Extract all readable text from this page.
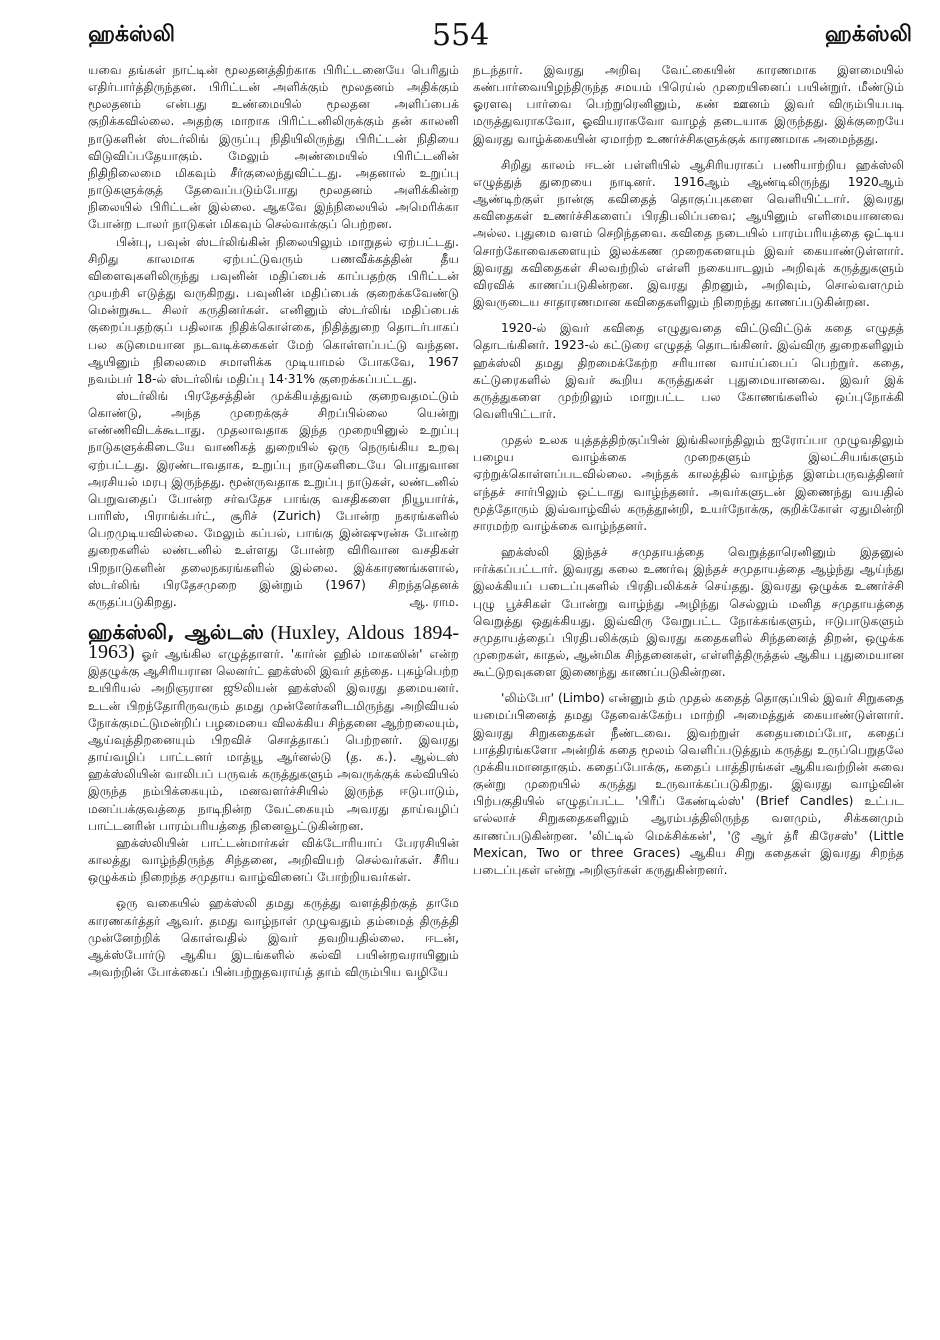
ஹக்ஸ்லி	554	ஹக்ஸ்லி

யவை தங்கள் நாட்டின் மூலதனத்திற்காக பிரிட்டனையே பெரிதும் எதிர்பார்த்திருந்தன. பிரிட்டன் அளிக்கும் மூலதனம் அதிக்கும் மூலதனம் என்பது உண்மையில் மூலதன அளிப்பைக் குறிக்கவில்லை. அதற்கு மாறாக பிரிட்டனிலிருக்கும் தன் காலனி நாடுகளின் ஸ்டர்லிங் இருப்பு நிதியிலிருந்து பிரிட்டன் நிதியை விடுவிப்பதேயாகும். மேலும் அண்மையில் பிரிட்டனின் நிதிநிலைமை மிகவும் சீர்குலைந்துவிட்டது. அதனால் உறுப்பு நாடுகளுக்குத் தேவைப்படும்போது மூலதனம் அளிக்கின்ற நிலையில் பிரிட்டன் இல்லை. ஆகவே இந்நிலையில் அமெரிக்கா போன்ற டாலர் நாடுகள் மிகவும் செல்வாக்குப் பெற்றன.

பின்பு, பவுன் ஸ்டர்லிங்கின் நிலையிலும் மாறுதல் ஏற்பட்டது. சிறிது காலமாக ஏற்பட்டுவரும் பணவீக்கத்தின் தீய விளைவுகளிலிருந்து பவுனின் மதிப்பைக் காப்பதற்கு பிரிட்டன் முயற்சி எடுத்து வருகிறது. பவுனின் மதிப்பைக் குறைக்கவேண்டு மென்றுகூட சிலர் கருதினர்கள். எனினும் ஸ்டர்லிங் மதிப்பைக் குறைப்பதற்குப் பதிலாக நிதிக்கொள்கை, நிதித்துறை தொடர்பாகப் பல கடுமையான நடவடிக்கைகள் மேற் கொள்ளப்பட்டு வந்தன. ஆயினும் நிலைமை சமாளிக்க முடியாமல் போகவே, 1967 நவம்பர் 18-ல் ஸ்டர்லிங் மதிப்பு 14·31% குறைக்கப்பட்டது.

ஸ்டர்லிங் பிரதேசத்தின் முக்கியத்துவம் குறைவதமட்டும் கொண்டு, அந்த முறைக்குச் சிறப்பில்லை யென்று எண்ணிவிடக்கூடாது. முதலாவதாக இந்த முறையினுல் உறுப்பு நாடுகளுக்கிடையே வாணிகத் துறையில் ஒரு நெருங்கிய உறவு ஏற்பட்டது. இரண்டாவதாக, உறுப்பு நாடுகளிடையே பொதுவான அரசியல் மரபு இருந்தது. மூன்ருவதாக உறுப்பு நாடுகள், லண்டனில் பெறுவதைப் போன்ற சர்வதேச பாங்கு வசதிகளை நியூயார்க், பாரிஸ், பிராங்க்பர்ட், சூரிச் (Zurich) போன்ற நகரங்களில் பெறமுடியவில்லை. மேலும் கப்பல், பாங்கு இன்ஷுரன்சு போன்ற துறைகளில் லண்டனில் உள்ளது போன்ற விரிவான வசதிகள் பிறநாடுகளின் தலைநகரங்களில் இல்லை. இக்காரணங்களால், ஸ்டர்லிங் பிரதேசமுறை இன்றும் (1967) சிறந்ததெனக் கருதப்படுகிறது.	ஆ. ராம.

ஹக்ஸ்லி, ஆல்டஸ் (Huxley, Aldous 1894-1963) ஓர் ஆங்கில எழுத்தாளர். 'கார்ன் ஹில் மாகஸின்' என்ற இதழுக்கு ஆசிரியரான லெனர்ட் ஹக்ஸ்லி இவர் தந்தை. புகழ்பெற்ற உயிரியல் அறிஞரான ஜூலியன் ஹக்ஸ்லி இவரது தமையனர். உடன் பிறந்தோரிருவரும் தமது முன்னேர்களிடமிருந்து அறிவியல் நோக்குமட்டுமன்றிப் பழமையை விலக்கிய சிந்தனை ஆற்றலையும், ஆய்வுத்திறனையும் பிறவிச் சொத்தாகப் பெற்றனர். இவரது தாய்வழிப் பாட்டனர் மாத்யூ ஆர்னல்டு (த. க.). ஆல்டஸ் ஹக்ஸ்லியின் வாலிபப் பருவக் கருத்துகளும் அவருக்குக் கல்வியில் இருந்த நம்பிக்கையும், மனவளர்ச்சியில் இருந்த ஈடுபாடும், மனப்பக்குவத்தை நாடிநின்ற வேட்கையும் அவரது தாய்வழிப் பாட்டனரின் பாரம்பரியத்தை நினைவூட்டுகின்றன.

ஹக்ஸ்லியின் பாட்டன்மார்கள் விக்டோரியாப் பேரரசியின் காலத்து வாழ்ந்திருந்த சிந்தனை, அறிவியற் செல்வர்கள். சீரிய ஒழுக்கம் நிறைந்த சமுதாய வாழ்வினைப் போற்றியவர்கள்.

ஒரு வகையில் ஹக்ஸ்லி தமது கருத்து வளத்திற்குத் தாமே காரணகர்த்தர் ஆவர். தமது வாழ்நாள் முழுவதும் தம்மைத் திருத்தி முன்னேற்றிக் கொள்வதில் இவர் தவறியதில்லை. ஈடன், ஆக்ஸ்போர்டு ஆகிய இடங்களில் கல்வி பயின்றவராயினும் அவற்றின் போக்கைப் பின்பற்றுதவராய்த் தாம் விரும்பிய வழியே

நடந்தார். இவரது அறிவு வேட்கையின் காரணமாக இளமையில் கண்பார்வையிழந்திருந்த சமயம் பிரெய்ல் முறையினைப் பயின்றுர். மீண்டும் ஓரளவு பார்வை பெற்றுரெனினும், கண் ஊனம் இவர் விரும்பியபடி மருத்துவராகவோ, ஓவியராகவோ வாழத் தடையாக இருந்தது. இக்குறையே இவரது வாழ்க்கையின் ஏமாற்ற உணர்ச்சிகளுக்குக் காரணமாக அமைந்தது.

சிறிது காலம் ஈடன் பள்ளியில் ஆசிரியராகப் பணியாற்றிய ஹக்ஸ்லி எழுத்துத் துறையை நாடினர். 1916ஆம் ஆண்டிலிருந்து 1920ஆம் ஆண்டிற்குள் நான்கு கவிதைத் தொகுப்புகளை வெளியிட்டார். இவரது கவிதைகள் உணர்ச்சிகளைப் பிரதிபலிப்பவை; ஆயினும் எளிமையானவை அல்ல. புதுமை வளம் செறிந்தவை. கவிதை நடையில் பாரம்பரியத்தை ஒட்டிய சொற்கோவைகளையும் இலக்கண முறைகளையும் இவர் கையாண்டுள்ளார். இவரது கவிதைகள் சிலவற்றில் எள்ளி நகையாடலும் அறிவுக் கருத்துகளும் விரவிக் காணப்படுகின்றன. இவரது திறனும், அறிவும், சொல்வளமும் இவருடைய சாதாரணமான கவிதைகளிலும் நிறைந்து காணப்படுகின்றன.

1920-ல் இவர் கவிதை எழுதுவதை விட்டுவிட்டுக் கதை எழுதத் தொடங்கினர். 1923-ல் கட்டுரை எழுதத் தொடங்கினர். இவ்விரு துறைகளிலும் ஹக்ஸ்லி தமது திறமைக்கேற்ற சரியான வாய்ப்பைப் பெற்றுர். கதை, கட்டுரைகளில் இவர் கூறிய கருத்துகள் புதுமையானவை. இவர் இக் கருத்துகளை முற்றிலும் மாறுபட்ட பல கோணங்களில் ஒப்புநோக்கி வெளியிட்டார்.

முதல் உலக யுத்தத்திற்குப்பின் இங்கிலாந்திலும் ஐரோப்பா முழுவதிலும் பழைய வாழ்க்கை முறைகளும் இலட்சியங்களும் ஏற்றுக்கொள்ளப்படவில்லை. அந்தக் காலத்தில் வாழ்ந்த இளம்பருவத்தினர் எந்தச் சார்பிலும் ஒட்டாது வாழ்ந்தனர். அவர்களுடன் இணைந்து வயதில் மூத்தோரும் இவ்வாழ்வில் கருத்தூன்றி, உயர்நோக்கு, குறிக்கோள் ஏதுமின்றி சாரமற்ற வாழ்க்கை வாழ்ந்தனர்.

ஹக்ஸ்லி இந்தச் சமுதாயத்தை வெறுத்தாரெனினும் இதனுல் ஈர்க்கப்பட்டார். இவரது கலை உணர்வு இந்தச் சமுதாயத்தை ஆழ்ந்து ஆய்ந்து இலக்கியப் படைப்புகளில் பிரதிபலிக்கச் செய்தது. இவரது ஒழுக்க உணர்ச்சி புழு பூச்சிகள் போன்று வாழ்ந்து அழிந்து செல்லும் மனித சமுதாயத்தை வெறுத்து ஒதுக்கியது. இவ்விரு வேறுபட்ட நோக்கங்களும், ஈடுபாடுகளும் சமுதாயத்தைப் பிரதிபலிக்கும் இவரது கதைகளில் சிந்தனைத் திறன், ஒழுக்க முறைகள், காதல், ஆன்மிக சிந்தனைகள், எள்ளித்திருத்தல் ஆகிய புதுமையான கூட்டுறவுகளை இணைந்து காணப்படுகின்றன.

'லிம்போ' (Limbo) என்னும் தம் முதல் கதைத் தொகுப்பில் இவர் சிறுகதை யமைப்பினைத் தமது தேவைக்கேற்ப மாற்றி அமைத்துக் கையாண்டுள்ளார். இவரது சிறுகதைகள் நீண்டவை. இவற்றுள் கதையமைப்போ, கதைப் பாத்திரங்களோ அன்றிக் கதை மூலம் வெளிப்படுத்தும் கருத்து உருப்பெறுதலே முக்கியமானதாகும். கதைப்போக்கு, கதைப் பாத்திரங்கள் ஆகியவற்றின் சுவை குன்று முறையில் கருத்து உருவாக்கப்படுகிறது. இவரது வாழ்வின் பிற்பகுதியில் எழுதப்பட்ட 'பிரீப் கேண்டில்ஸ்' (Brief Candles) உட்பட எல்லாச் சிறுகதைகளிலும் ஆரம்பத்திலிருந்த வளமும், சிக்கனமும் காணப்படுகின்றன. 'லிட்டில் மெக்சிக்கன்', 'டூ ஆர் த்ரீ கிரேசஸ்' (Little Mexican, Two or three Graces) ஆகிய சிறு கதைகள் இவரது சிறந்த படைப்புகள் என்று அறிஞர்கள் கருதுகின்றனர்.
